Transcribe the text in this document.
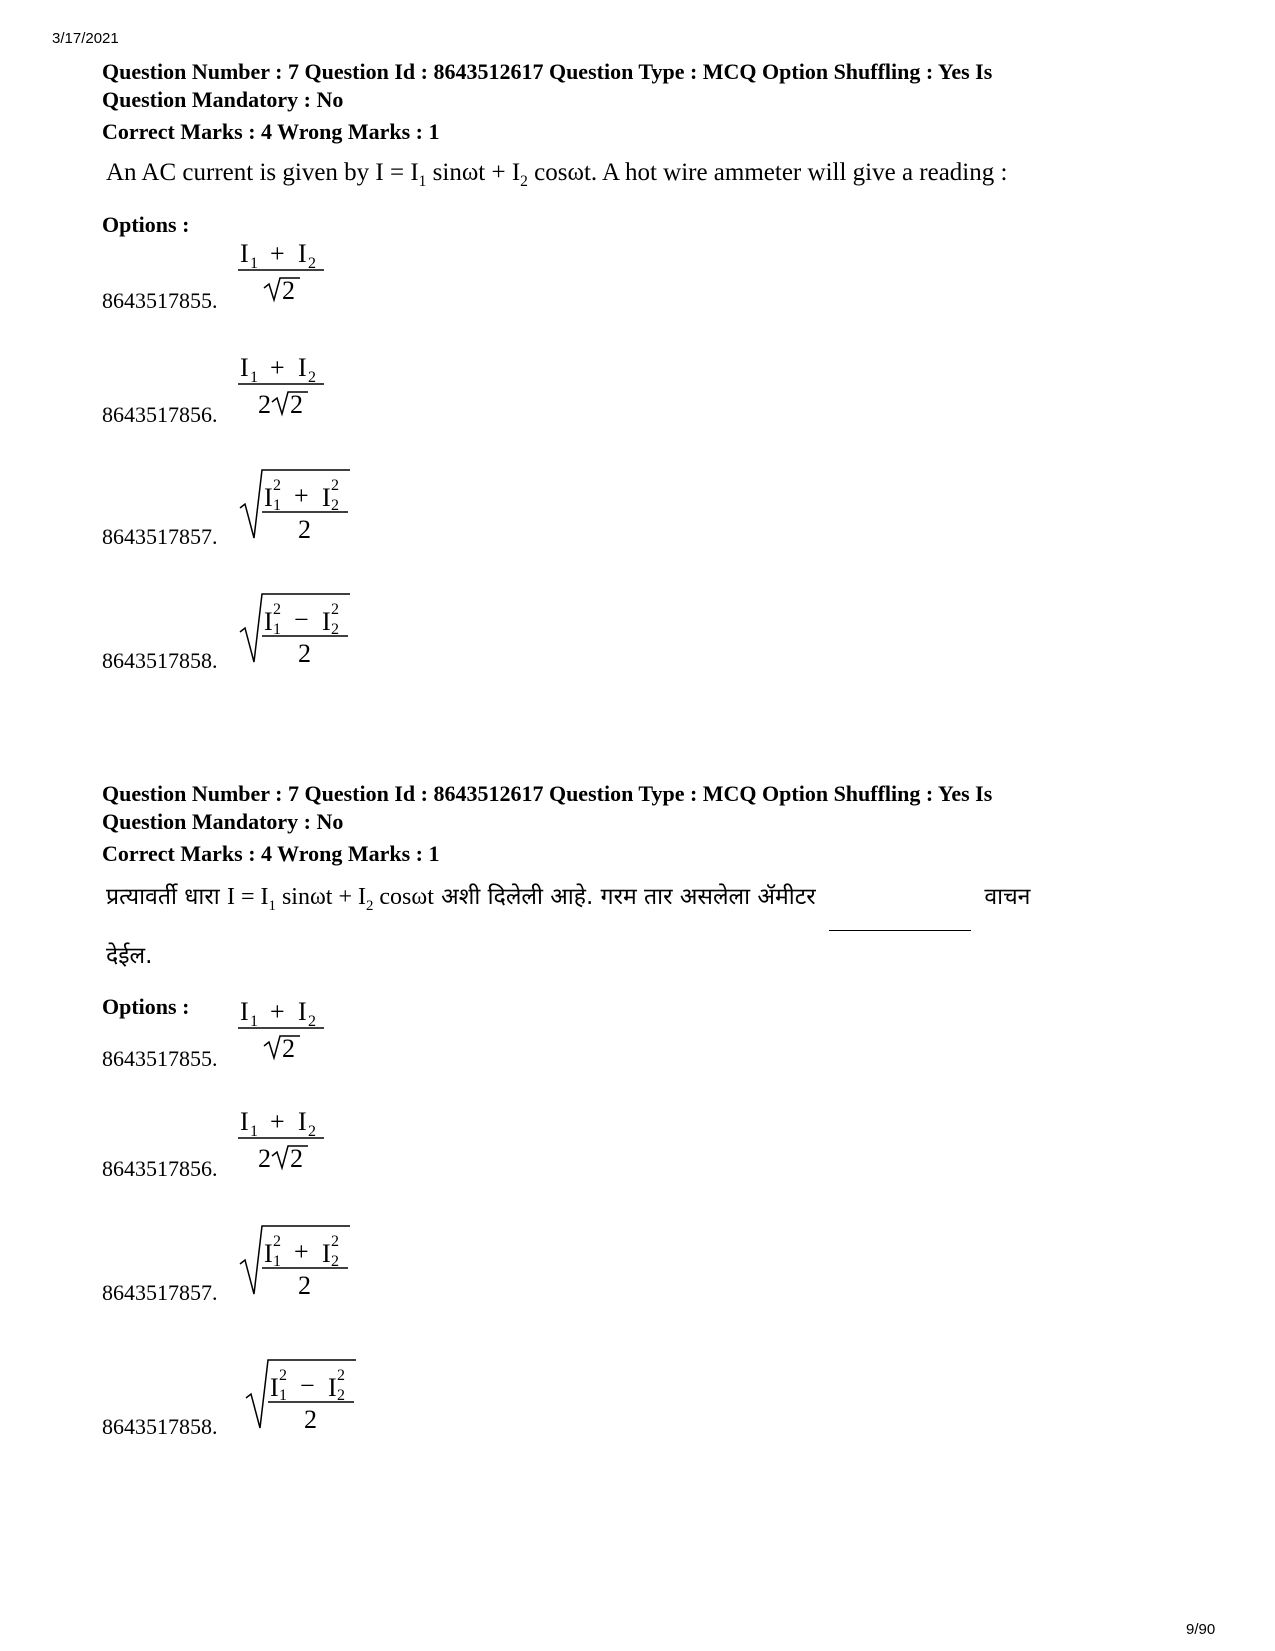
3/17/2021
Question Number : 7 Question Id : 8643512617 Question Type : MCQ Option Shuffling : Yes Is
Question Mandatory : No
Correct Marks : 4 Wrong Marks : 1
An AC current is given by $I = I_1$ $\sin\omega t + I_2$ cosωt. A hot wire ammeter will give a reading :
Options :
8643517855.
I 1 + I 2
2
8643517856.
I 1 + I 2
2 2
8643517857.
I 2
1 + I 2
2
2
8643517858.
I 2
1 − I 2
2
2
Question Number : 7 Question Id : 8643512617 Question Type : MCQ Option Shuffling : Yes Is
Question Mandatory : No
Correct Marks : 4 Wrong Marks : 1
प्रत्यावर्ती धारा $I = I_1$ $\sin\omega t + I_2$ cosωt अशी दिलेली आहे. गरम तार असलेला ॲमीटर	वाचन
देईल.
Options :
8643517855.
I 1 + I 2
2
8643517856.
I 1 + I 2
2 2
8643517857.
I 2
1 + I 2
2
2
8643517858.
I 2
1 − I 2
2
2
9/90
